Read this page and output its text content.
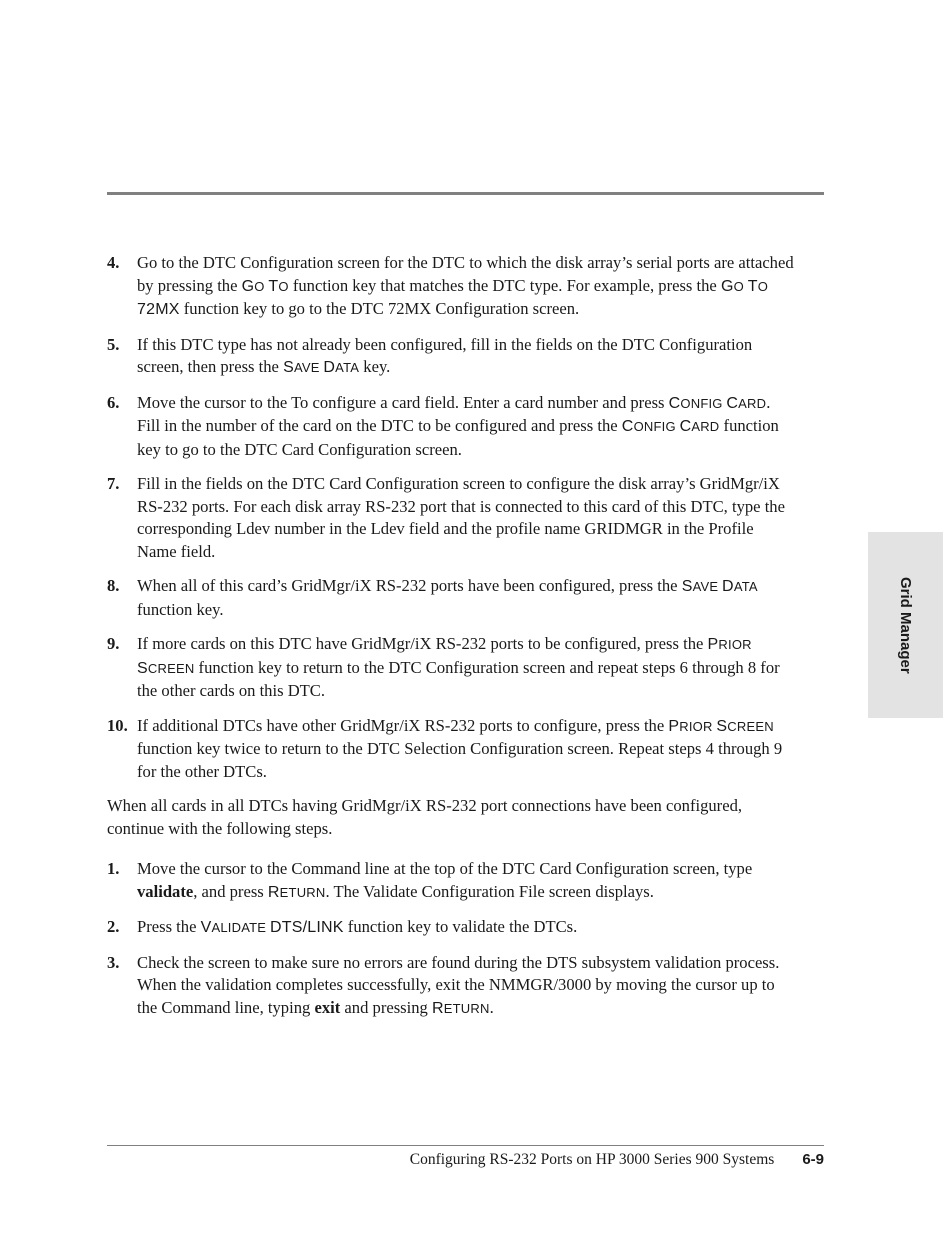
4.	Go to the DTC Configuration screen for the DTC to which the disk array’s serial ports are attached by pressing the GO TO function key that matches the DTC type. For example, press the GO TO 72MX function key to go to the DTC 72MX Configuration screen.
5.	If this DTC type has not already been configured, fill in the fields on the DTC Configuration screen, then press the SAVE DATA key.
6.	Move the cursor to the To configure a card field. Enter a card number and press CONFIG CARD. Fill in the number of the card on the DTC to be configured and press the CONFIG CARD function key to go to the DTC Card Configuration screen.
7.	Fill in the fields on the DTC Card Configuration screen to configure the disk array’s GridMgr/iX RS-232 ports. For each disk array RS-232 port that is connected to this card of this DTC, type the corresponding Ldev number in the Ldev field and the profile name GRIDMGR in the Profile Name field.
8.	When all of this card’s GridMgr/iX RS-232 ports have been configured, press the SAVE DATA function key.
9.	If more cards on this DTC have GridMgr/iX RS-232 ports to be configured, press the PRIOR SCREEN function key to return to the DTC Configuration screen and repeat steps 6 through 8 for the other cards on this DTC.
10. If additional DTCs have other GridMgr/iX RS-232 ports to configure, press the PRIOR SCREEN function key twice to return to the DTC Selection Configuration screen. Repeat steps 4 through 9 for the other DTCs.

When all cards in all DTCs having GridMgr/iX RS-232 port connections have been configured, continue with the following steps.

1.	Move the cursor to the Command line at the top of the DTC Card Configuration screen, type validate, and press RETURN. The Validate Configuration File screen displays.
2.	Press the VALIDATE DTS/LINK function key to validate the DTCs.
3.	Check the screen to make sure no errors are found during the DTS subsystem validation process. When the validation completes successfully, exit the NMMGR/3000 by moving the cursor up to the Command line, typing exit and pressing RETURN.
Grid Manager
Configuring RS-232 Ports on HP 3000 Series 900 Systems 6-9
